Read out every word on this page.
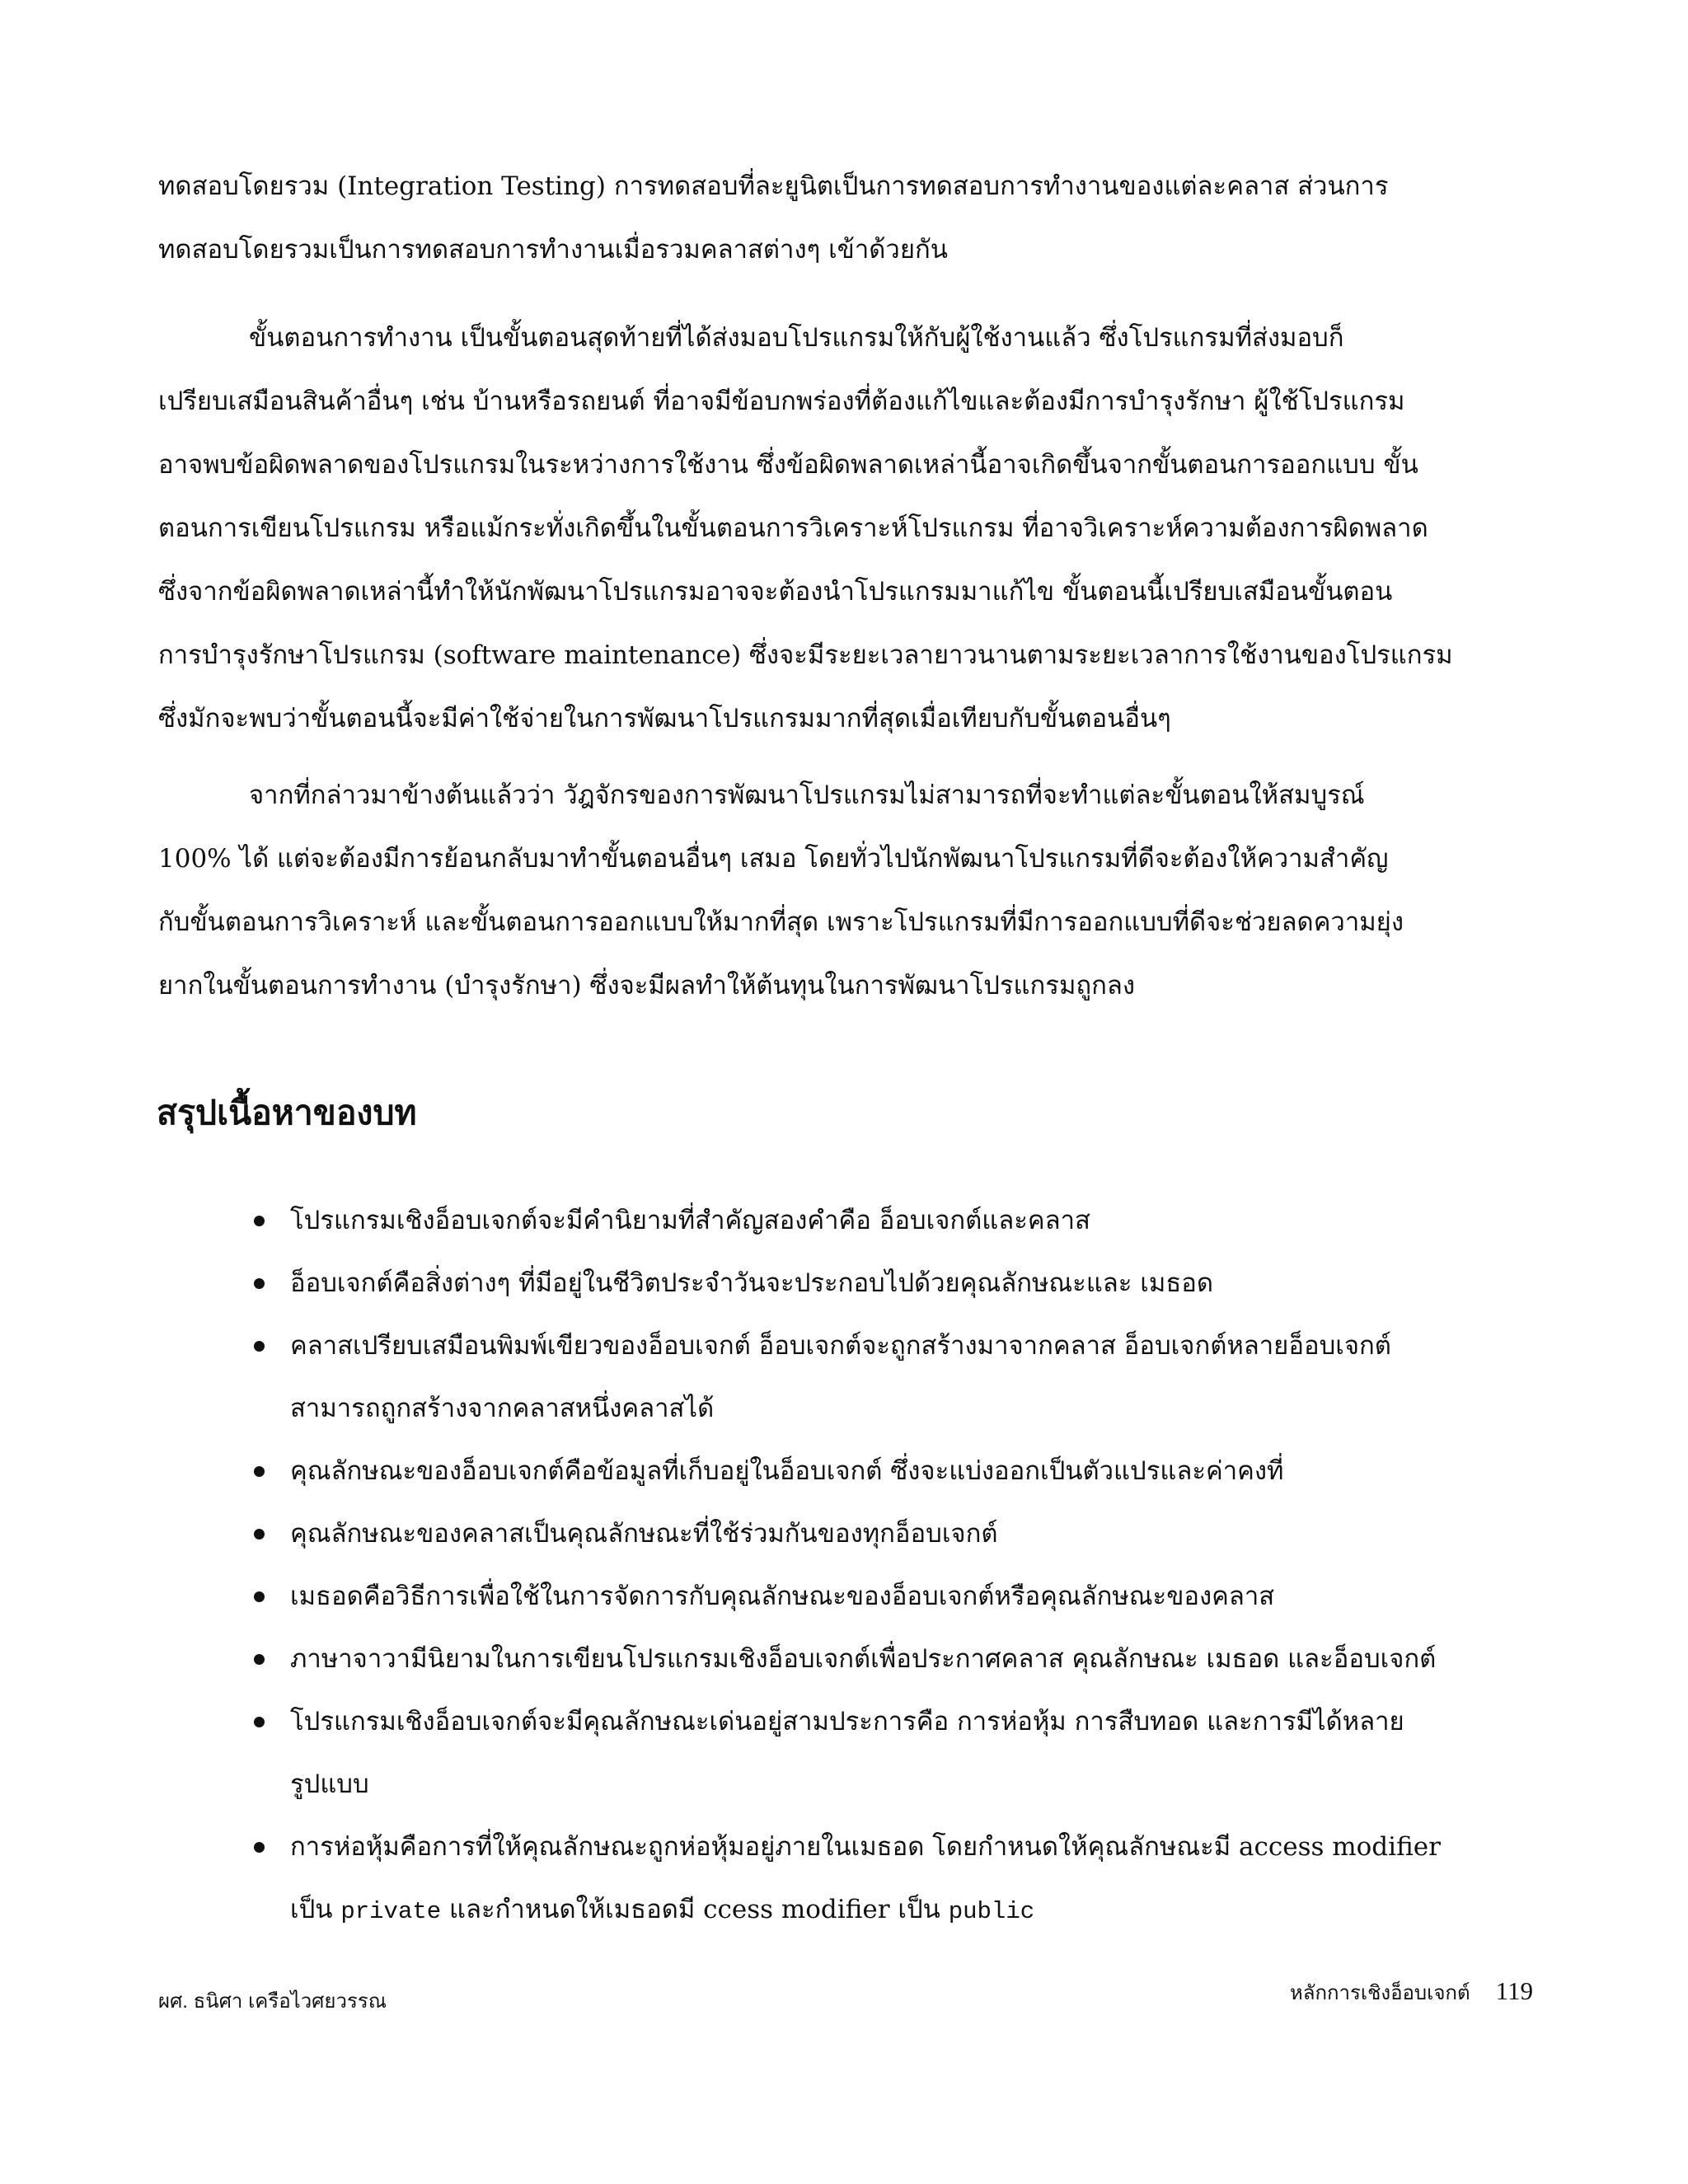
ทดสอบโดยรวม (Integration Testing) การทดสอบที่ละยูนิตเป็นการทดสอบการทำงานของแต่ละคลาส ส่วนการ
ทดสอบโดยรวมเป็นการทดสอบการทำงานเมื่อรวมคลาสต่างๆ เข้าด้วยกัน
ขั้นตอนการทำงาน เป็นขั้นตอนสุดท้ายที่ได้ส่งมอบโปรแกรมให้กับผู้ใช้งานแล้ว ซึ่งโปรแกรมที่ส่งมอบก็
เปรียบเสมือนสินค้าอื่นๆ เช่น บ้านหรือรถยนต์ ที่อาจมีข้อบกพร่องที่ต้องแก้ไขและต้องมีการบำรุงรักษา ผู้ใช้โปรแกรม
อาจพบข้อผิดพลาดของโปรแกรมในระหว่างการใช้งาน ซึ่งข้อผิดพลาดเหล่านี้อาจเกิดขึ้นจากขั้นตอนการออกแบบ ขั้น
ตอนการเขียนโปรแกรม หรือแม้กระทั่งเกิดขึ้นในขั้นตอนการวิเคราะห์โปรแกรม ที่อาจวิเคราะห์ความต้องการผิดพลาด
ซึ่งจากข้อผิดพลาดเหล่านี้ทำให้นักพัฒนาโปรแกรมอาจจะต้องนำโปรแกรมมาแก้ไข ขั้นตอนนี้เปรียบเสมือนขั้นตอน
การบำรุงรักษาโปรแกรม (software maintenance) ซึ่งจะมีระยะเวลายาวนานตามระยะเวลาการใช้งานของโปรแกรม
ซึ่งมักจะพบว่าขั้นตอนนี้จะมีค่าใช้จ่ายในการพัฒนาโปรแกรมมากที่สุดเมื่อเทียบกับขั้นตอนอื่นๆ
จากที่กล่าวมาข้างต้นแล้วว่า วัฎจักรของการพัฒนาโปรแกรมไม่สามารถที่จะทำแต่ละขั้นตอนให้สมบูรณ์
100% ได้ แต่จะต้องมีการย้อนกลับมาทำขั้นตอนอื่นๆ เสมอ โดยทั่วไปนักพัฒนาโปรแกรมที่ดีจะต้องให้ความสำคัญ
กับขั้นตอนการวิเคราะห์ และขั้นตอนการออกแบบให้มากที่สุด เพราะโปรแกรมที่มีการออกแบบที่ดีจะช่วยลดความยุ่ง
ยากในขั้นตอนการทำงาน (บำรุงรักษา) ซึ่งจะมีผลทำให้ต้นทุนในการพัฒนาโปรแกรมถูกลง
สรุปเนื้อหาของบท
โปรแกรมเชิงอ็อบเจกต์จะมีคำนิยามที่สำคัญสองคำคือ อ็อบเจกต์และคลาส
อ็อบเจกต์คือสิ่งต่างๆ ที่มีอยู่ในชีวิตประจำวันจะประกอบไปด้วยคุณลักษณะและ เมธอด
คลาสเปรียบเสมือนพิมพ์เขียวของอ็อบเจกต์ อ็อบเจกต์จะถูกสร้างมาจากคลาส อ็อบเจกต์หลายอ็อบเจกต์
สามารถถูกสร้างจากคลาสหนึ่งคลาสได้
คุณลักษณะของอ็อบเจกต์คือข้อมูลที่เก็บอยู่ในอ็อบเจกต์ ซึ่งจะแบ่งออกเป็นตัวแปรและค่าคงที่
คุณลักษณะของคลาสเป็นคุณลักษณะที่ใช้ร่วมกันของทุกอ็อบเจกต์
เมธอดคือวิธีการเพื่อใช้ในการจัดการกับคุณลักษณะของอ็อบเจกต์หรือคุณลักษณะของคลาส
ภาษาจาวามีนิยามในการเขียนโปรแกรมเชิงอ็อบเจกต์เพื่อประกาศคลาส คุณลักษณะ เมธอด และอ็อบเจกต์
โปรแกรมเชิงอ็อบเจกต์จะมีคุณลักษณะเด่นอยู่สามประการคือ การห่อหุ้ม การสืบทอด และการมีได้หลาย
รูปแบบ
การห่อหุ้มคือการที่ให้คุณลักษณะถูกห่อหุ้มอยู่ภายในเมธอด โดยกำหนดให้คุณลักษณะมี access modifier
เป็น private และกำหนดให้เมธอดมี ccess modifier เป็น public
ผศ. ธนิศา เครือไวศยวรรณ	หลักการเชิงอ็อบเจกต์ 119
